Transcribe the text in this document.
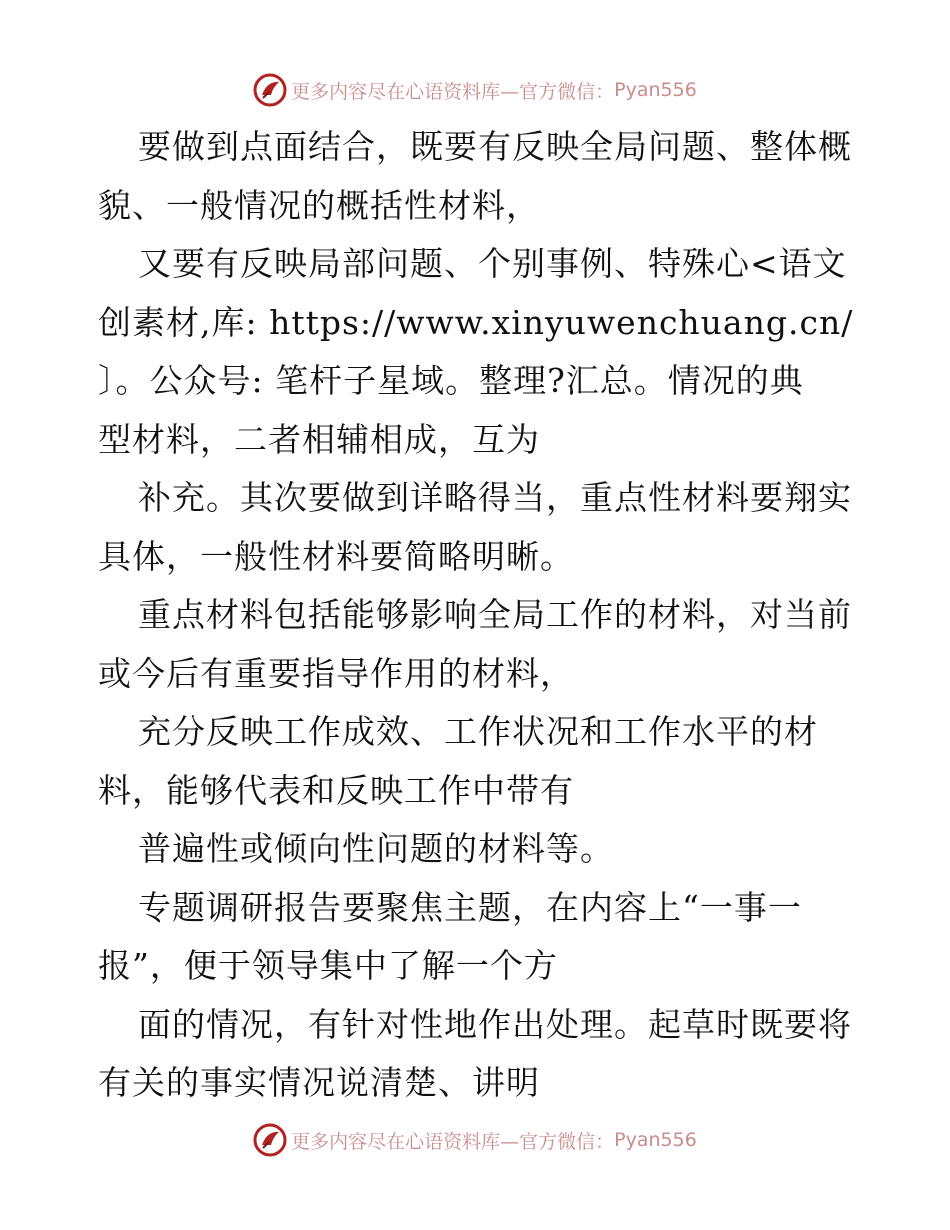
更多内容尽在心语资料库—官方微信： Pyan556
要做到点面结合，既要有反映全局问题、整体概
貌、一般情况的概括性材料，
又要有反映局部问题、个别事例、特殊心<语文
创素材,库: https://www.xinyuwenchuang.cn/
〕。公众号: 笔杆子星域。整理?汇总。情况的典
型材料，二者相辅相成，互为
补充。其次要做到详略得当，重点性材料要翔实
具体，一般性材料要简略明晰。
重点材料包括能够影响全局工作的材料，对当前
或今后有重要指导作用的材料，
充分反映工作成效、工作状况和工作水平的材
料，能够代表和反映工作中带有
普遍性或倾向性问题的材料等。
专题调研报告要聚焦主题，在内容上“一事一
报”，便于领导集中了解一个方
面的情况，有针对性地作出处理。起草时既要将
有关的事实情况说清楚、讲明
更多内容尽在心语资料库—官方微信： Pyan556
